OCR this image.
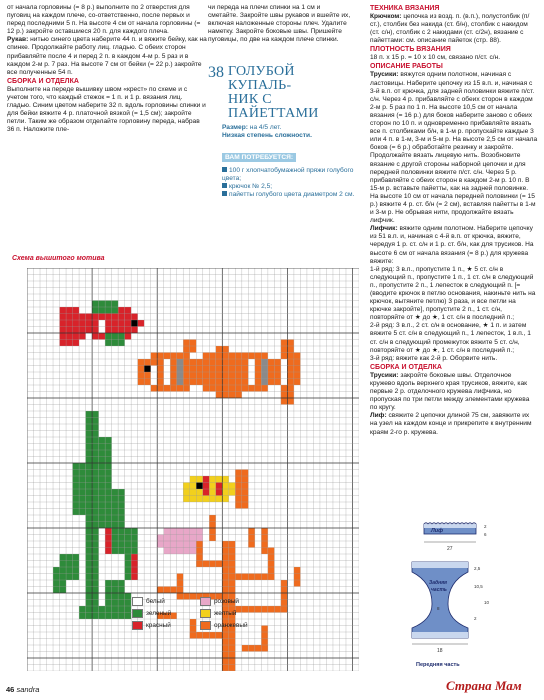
от начала горловины (= 8 р.) выполните по 2 отверстия для пуговиц на каждом плече, со-ответственно, после первых и перед последними 5 п. На высоте 4 см от начала горловины (= 12 р.) закройте оставшиеся 20 п. для каждого плеча.

Рукав: нитью синего цвета наберите 44 п. и вяжите бейку, как на спинке. Продолжайте работу лиц. гладью. С обеих сторон прибавляйте после 4 и перед 2 п. в каждом 4-м р. 5 раз и в каждом 2-м р. 7 раз. На высоте 7 см от бейки (= 22 р.) закройте все полученные 54 п.

СБОРКА И ОТДЕЛКА

Выполните на переде вышивку швом «крест» по схеме и с учетом того, что каждый стежок = 1 п. и 1 р. вязания лиц. гладью. Синим цветом наберите 32 п. вдоль горловины спинки и для бейки вяжите 4 р. платочной вязкой (= 1,5 см); закройте петли. Таким же образом отделайте горловину переда, набрав 36 п. Наложите пле-

чи переда на плечи спинки на 1 см и сметайте. Закройте швы рукавов и вшейте их, включая наложенные стороны плеч. Удалите наметку. Закройте боковые швы. Пришейте пуговицы, по две на каждом плече спинки.

38 ГОЛУБОЙ КУПАЛЬ-
НИК С ПАЙЕТТАМИ
Размер: на 4/5 лет.
Низкая степень сложности.
ВАМ ПОТРЕБУЕТСЯ:
100 г хлопчатобумажной пряжи голубого цвета;
крючок № 2,5;
пайетты голубого цвета диаметром 2 см.

ТЕХНИКА ВЯЗАНИЯ

Крючком: цепочка из возд. п. (в.п.), полустолбик (п/ст.), столбик без накида (ст. б/н), столбик с накидом (ст. с/н), столбик с 2 накидами (ст. с/2н), вязание с пайеттами: см. описание пайеток (стр. 88).

ПЛОТНОСТЬ ВЯЗАНИЯ

18 п. х 15 р. = 10 х 10 см, связано п/ст. с/н.

ОПИСАНИЕ РАБОТЫ

Трусики: вяжутся одним полотном, начиная с ластовицы. Наберите цепочку из 15 в.п. и, начиная с 3-й в.п. от крючка, для задней половинки вяжите п/ст. с/н. Через 4 р. прибавляйте с обеих сторон в каждом 2-м р. 5 раз по 1 п. На высоте 10,5 см от начала вязания (= 16 р.) для боков наберите заново с обеих сторон по 10 п. и одновременно прибавляйте вязать все п. столбиками б/н, в 1-м р. пропускайте каждые 3 или 4 п. в 1-м, 3-м и 5-м р. На высоте 2,5 см от начала боков (= 6 р.) обработайте резинку и закройте. Продолжайте вязать лицевую нить. Возобновите вязание с другой стороны наборной цепочки и для передней половинки вяжите п/ст. с/н. Через 5 р. прибавляйте с обеих сторон в каждом 2-м р. 10 п. В 15-м р. вставьте пайетты, как на задней половинке. На высоте 10 см от начала передней половинки (= 15 р.) вяжите 4 р. ст. б/н (= 2 см), вставляя пайетты в 1-м и 3-м р. Не обрывая нити, продолжайте вязать лифчик.

Лифчик: вяжите одним полотном. Наберите цепочку из 51 в.п. и, начиная с 4-й в.п. от крючка, вяжите, чередуя 1 р. ст. с/н и 1 р. ст. б/н, как для трусиков. На высоте 6 см от начала вязания (= 8 р.) для кружева вяжите:

1-й ряд: 3 в.п., пропустите 1 п., ★ 5 ст. с/н в следующий п., пропустите 1 п., 1 ст. с/н в следующий п., пропустите 2 п., 1 лепесток в следующий п. [= (вводите крючок в петлю основания, накиньте нить на крючок, вытяните петлю) 3 раза, и все петли на крючке закройте], пропустите 2 п., 1 ст. с/н, повторяйте от ★ до ★, 1 ст. с/н в последний п.;

2-й ряд: 3 в.п., 2 ст. с/н в основание, ★ 1 п. и затем вяжите 5 ст. с/н в следующий п., 1 лепесток, 1 в.п., 1 ст. с/н в следующий промежуток вяжите 5 ст. с/н, повторяйте от ★ до ★, 1 ст. с/н в последний п.;

3-й ряд: вяжите как 2-й р. Оборвите нить.

СБОРКА И ОТДЕЛКА

Трусики: закройте боковые швы. Отделочное кружево вдоль верхнего края трусиков, вяжите, как первые 2 р. отделочного кружева лифчика, но пропуская по три петли между элементами кружева по кругу.

Лиф: свяжите 2 цепочки длиной 75 см, завяжите их на узел на каждом конце и прикрепите к внутренним краям 2-го р. кружева.

Схема вышитого мотива
белый	розовый
зеленый	желтый
красный	оранжевый
Лиф
27
2
6
Задняя
часть
2,5
10,5
10
2
8
18
Передняя часть
46 sandra	Страна Мам
